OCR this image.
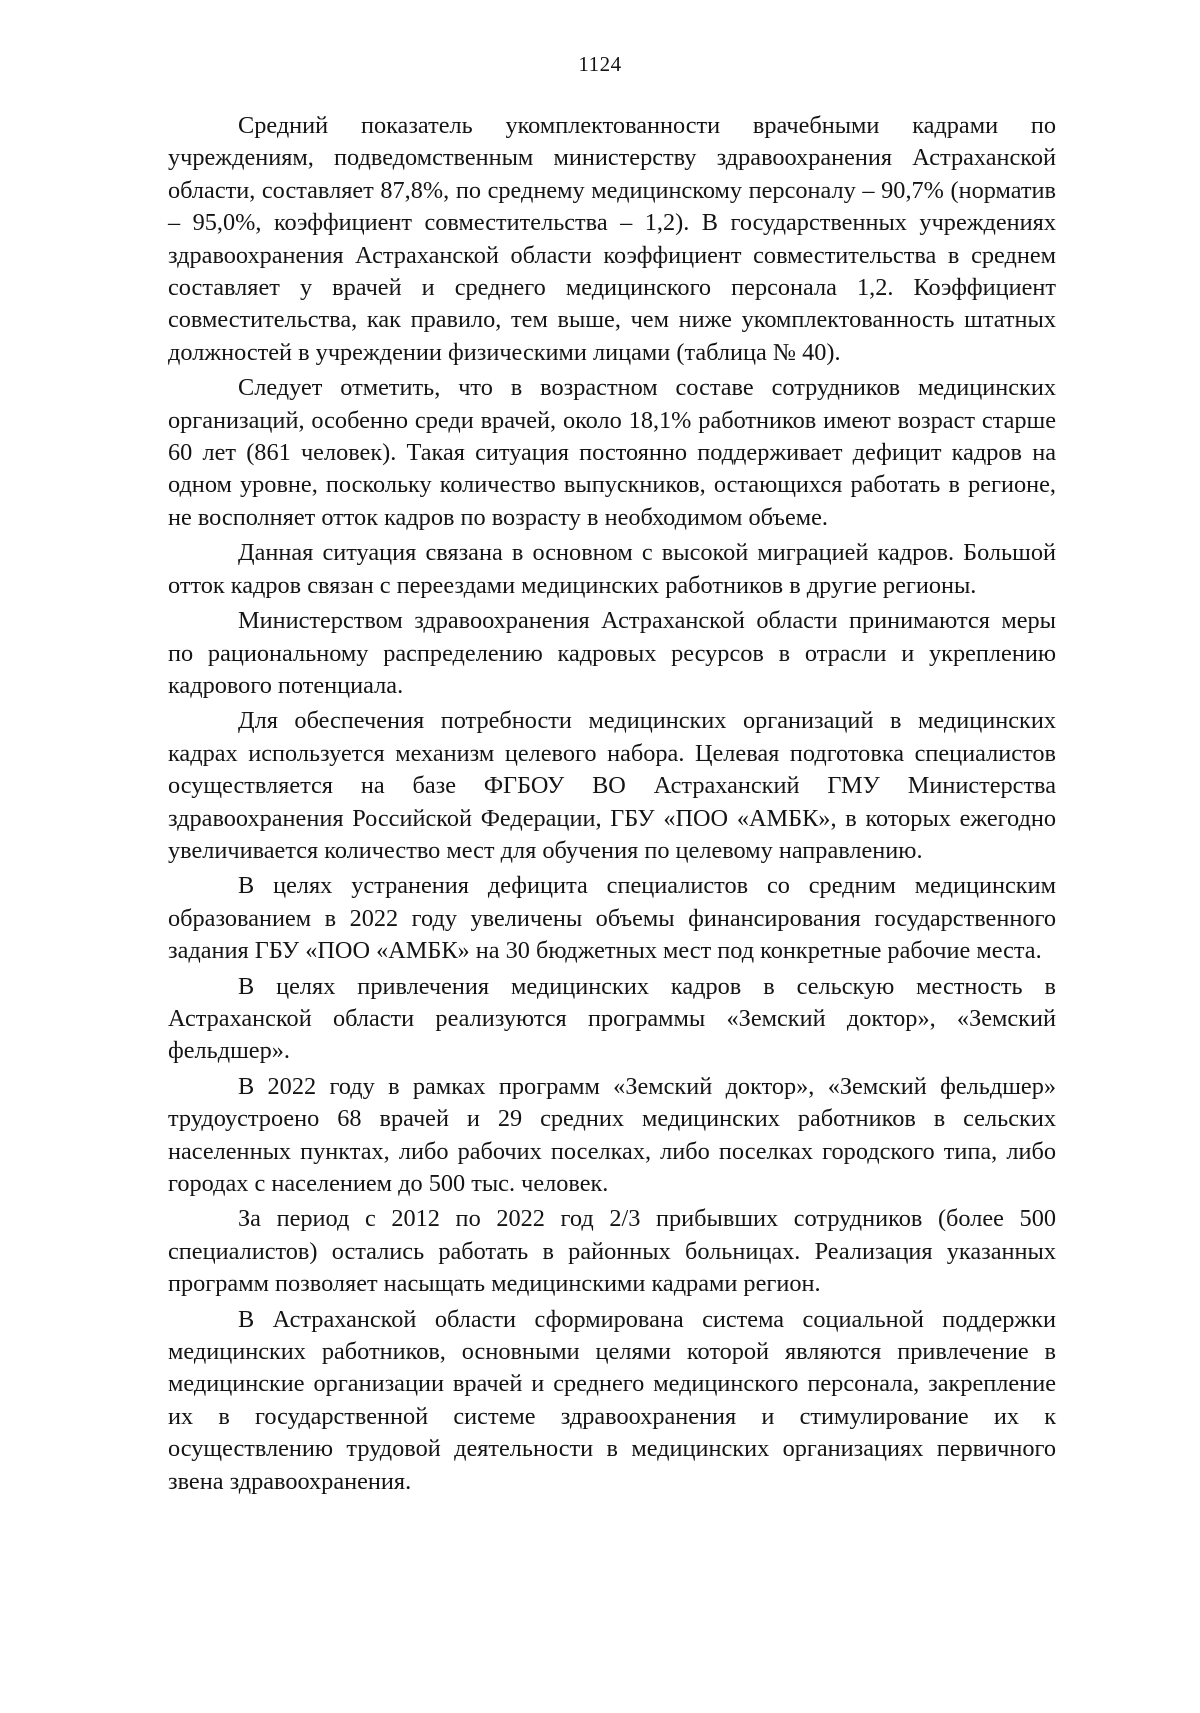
1124

Средний показатель укомплектованности врачебными кадрами по учреждениям, подведомственным министерству здравоохранения Астраханской области, составляет 87,8%, по среднему медицинскому персоналу – 90,7% (норматив – 95,0%, коэффициент совместительства – 1,2). В государственных учреждениях здравоохранения Астраханской области коэффициент совместительства в среднем составляет у врачей и среднего медицинского персонала 1,2. Коэффициент совместительства, как правило, тем выше, чем ниже укомплектованность штатных должностей в учреждении физическими лицами (таблица № 40).

Следует отметить, что в возрастном составе сотрудников медицинских организаций, особенно среди врачей, около 18,1% работников имеют возраст старше 60 лет (861 человек). Такая ситуация постоянно поддерживает дефицит кадров на одном уровне, поскольку количество выпускников, остающихся работать в регионе, не восполняет отток кадров по возрасту в необходимом объеме.

Данная ситуация связана в основном с высокой миграцией кадров. Большой отток кадров связан с переездами медицинских работников в другие регионы.

Министерством здравоохранения Астраханской области принимаются меры по рациональному распределению кадровых ресурсов в отрасли и укреплению кадрового потенциала.

Для обеспечения потребности медицинских организаций в медицинских кадрах используется механизм целевого набора. Целевая подготовка специалистов осуществляется на базе ФГБОУ ВО Астраханский ГМУ Министерства здравоохранения Российской Федерации, ГБУ «ПОО «АМБК», в которых ежегодно увеличивается количество мест для обучения по целевому направлению.

В целях устранения дефицита специалистов со средним медицинским образованием в 2022 году увеличены объемы финансирования государственного задания ГБУ «ПОО «АМБК» на 30 бюджетных мест под конкретные рабочие места.

В целях привлечения медицинских кадров в сельскую местность в Астраханской области реализуются программы «Земский доктор», «Земский фельдшер».

В 2022 году в рамках программ «Земский доктор», «Земский фельдшер» трудоустроено 68 врачей и 29 средних медицинских работников в сельских населенных пунктах, либо рабочих поселках, либо поселках городского типа, либо городах с населением до 500 тыс. человек.

За период с 2012 по 2022 год 2/3 прибывших сотрудников (более 500 специалистов) остались работать в районных больницах. Реализация указанных программ позволяет насыщать медицинскими кадрами регион.

В Астраханской области сформирована система социальной поддержки медицинских работников, основными целями которой являются привлечение в медицинские организации врачей и среднего медицинского персонала, закрепление их в государственной системе здравоохранения и стимулирование их к осуществлению трудовой деятельности в медицинских организациях первичного звена здравоохранения.
